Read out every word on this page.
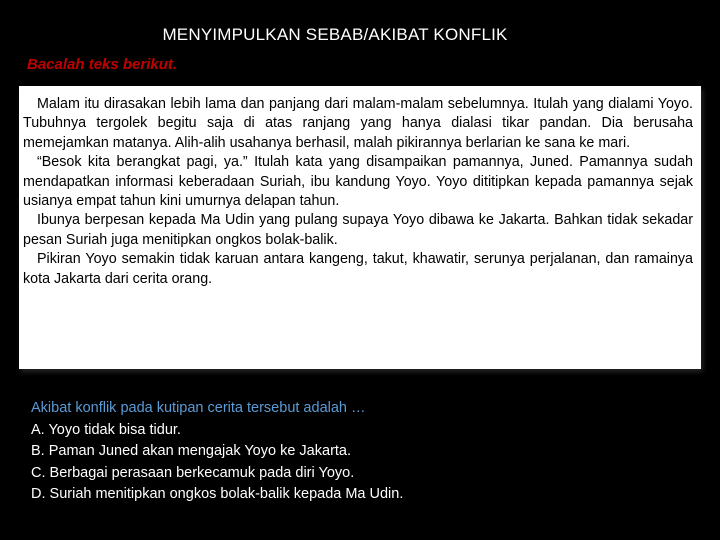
MENYIMPULKAN SEBAB/AKIBAT KONFLIK
Bacalah teks berikut.

Malam itu dirasakan lebih lama dan panjang dari malam-malam sebelumnya. Itulah yang dialami Yoyo. Tubuhnya tergolek begitu saja di atas ranjang yang hanya dialasi tikar pandan. Dia berusaha memejamkan matanya. Alih-alih usahanya berhasil, malah pikirannya berlarian ke sana ke mari.

“Besok kita berangkat pagi, ya.” Itulah kata yang disampaikan pamannya, Juned. Pamannya sudah mendapatkan informasi keberadaan Suriah, ibu kandung Yoyo. Yoyo dititipkan kepada pamannya sejak usianya empat tahun kini umurnya delapan tahun.

Ibunya berpesan kepada Ma Udin yang pulang supaya Yoyo dibawa ke Jakarta. Bahkan tidak sekadar pesan Suriah juga menitipkan ongkos bolak-balik.

Pikiran Yoyo semakin tidak karuan antara kangeng, takut, khawatir, serunya perjalanan, dan ramainya kota Jakarta dari cerita orang.

Akibat konflik pada kutipan cerita tersebut adalah …
A. Yoyo tidak bisa tidur.
B. Paman Juned akan mengajak Yoyo ke Jakarta.
C. Berbagai perasaan berkecamuk pada diri Yoyo.
D. Suriah menitipkan ongkos bolak-balik kepada Ma Udin.
